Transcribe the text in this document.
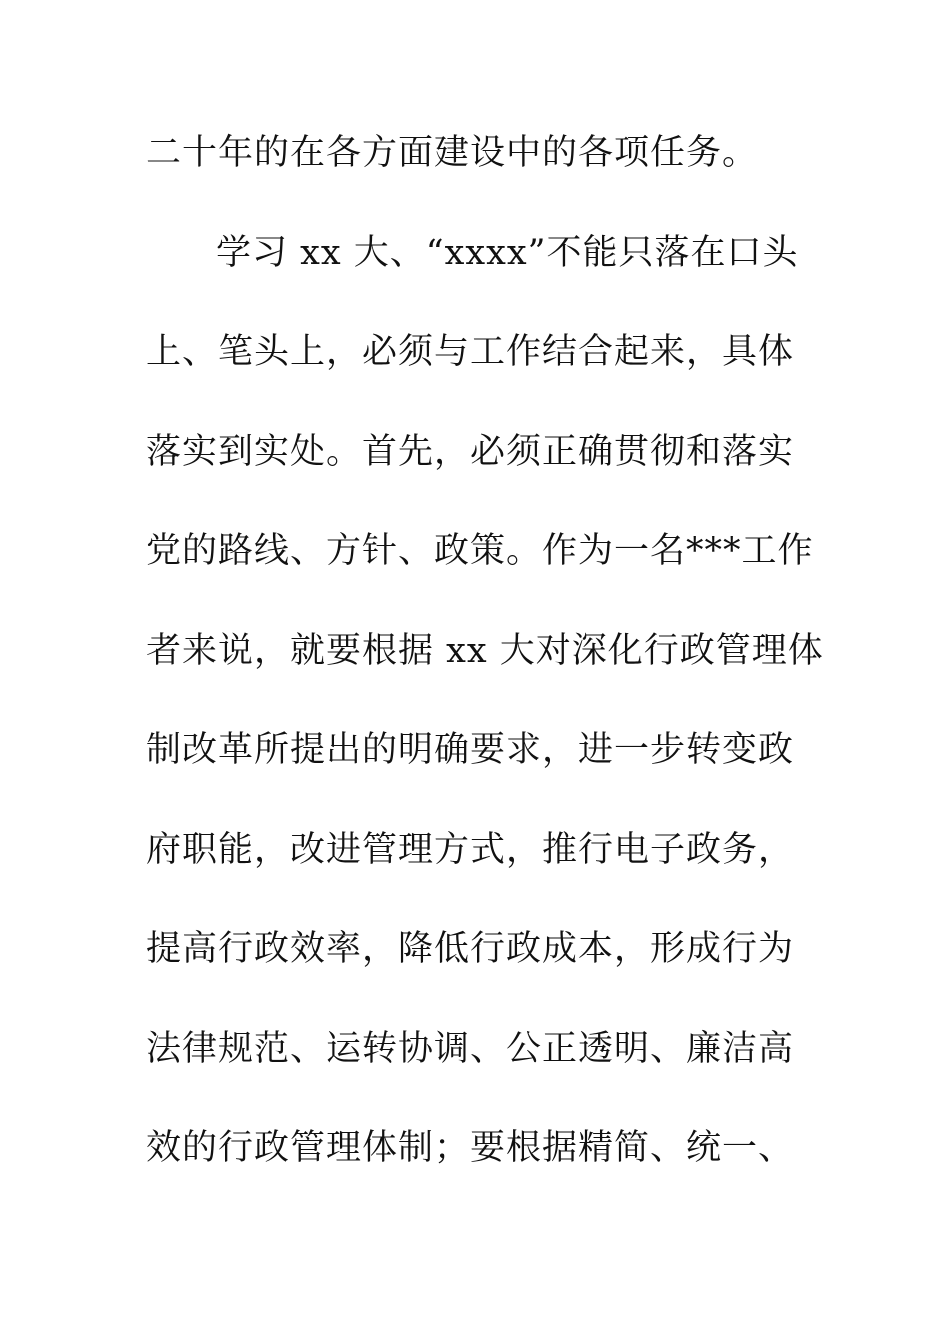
二十年的在各方面建设中的各项任务。
学习 xx 大、“xxxx”不能只落在口头
上、笔头上，必须与工作结合起来，具体
落实到实处。首先，必须正确贯彻和落实
党的路线、方针、政策。作为一名***工作
者来说，就要根据 xx 大对深化行政管理体
制改革所提出的明确要求，进一步转变政
府职能，改进管理方式，推行电子政务，
提高行政效率，降低行政成本，形成行为
法律规范、运转协调、公正透明、廉洁高
效的行政管理体制；要根据精简、统一、
